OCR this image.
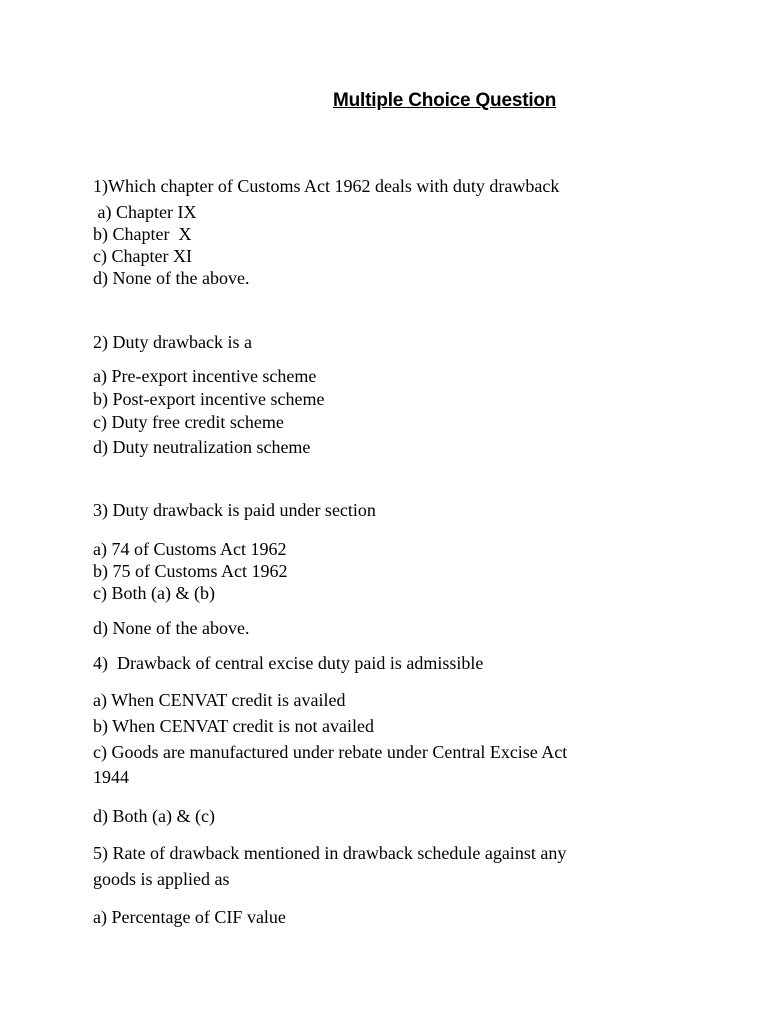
Multiple Choice Question
1)Which chapter of Customs Act 1962 deals with duty drawback
a) Chapter IX
b) Chapter  X
c) Chapter XI
d) None of the above.
2) Duty drawback is a
a) Pre-export incentive scheme
b) Post-export incentive scheme
c) Duty free credit scheme
d) Duty neutralization scheme
3) Duty drawback is paid under section
a) 74 of Customs Act 1962
b) 75 of Customs Act 1962
c) Both (a) & (b)
d) None of the above.
4)  Drawback of central excise duty paid is admissible
a) When CENVAT credit is availed
b) When CENVAT credit is not availed
c) Goods are manufactured under rebate under Central Excise Act
1944
d) Both (a) & (c)
5) Rate of drawback mentioned in drawback schedule against any
goods is applied as
a) Percentage of CIF value
